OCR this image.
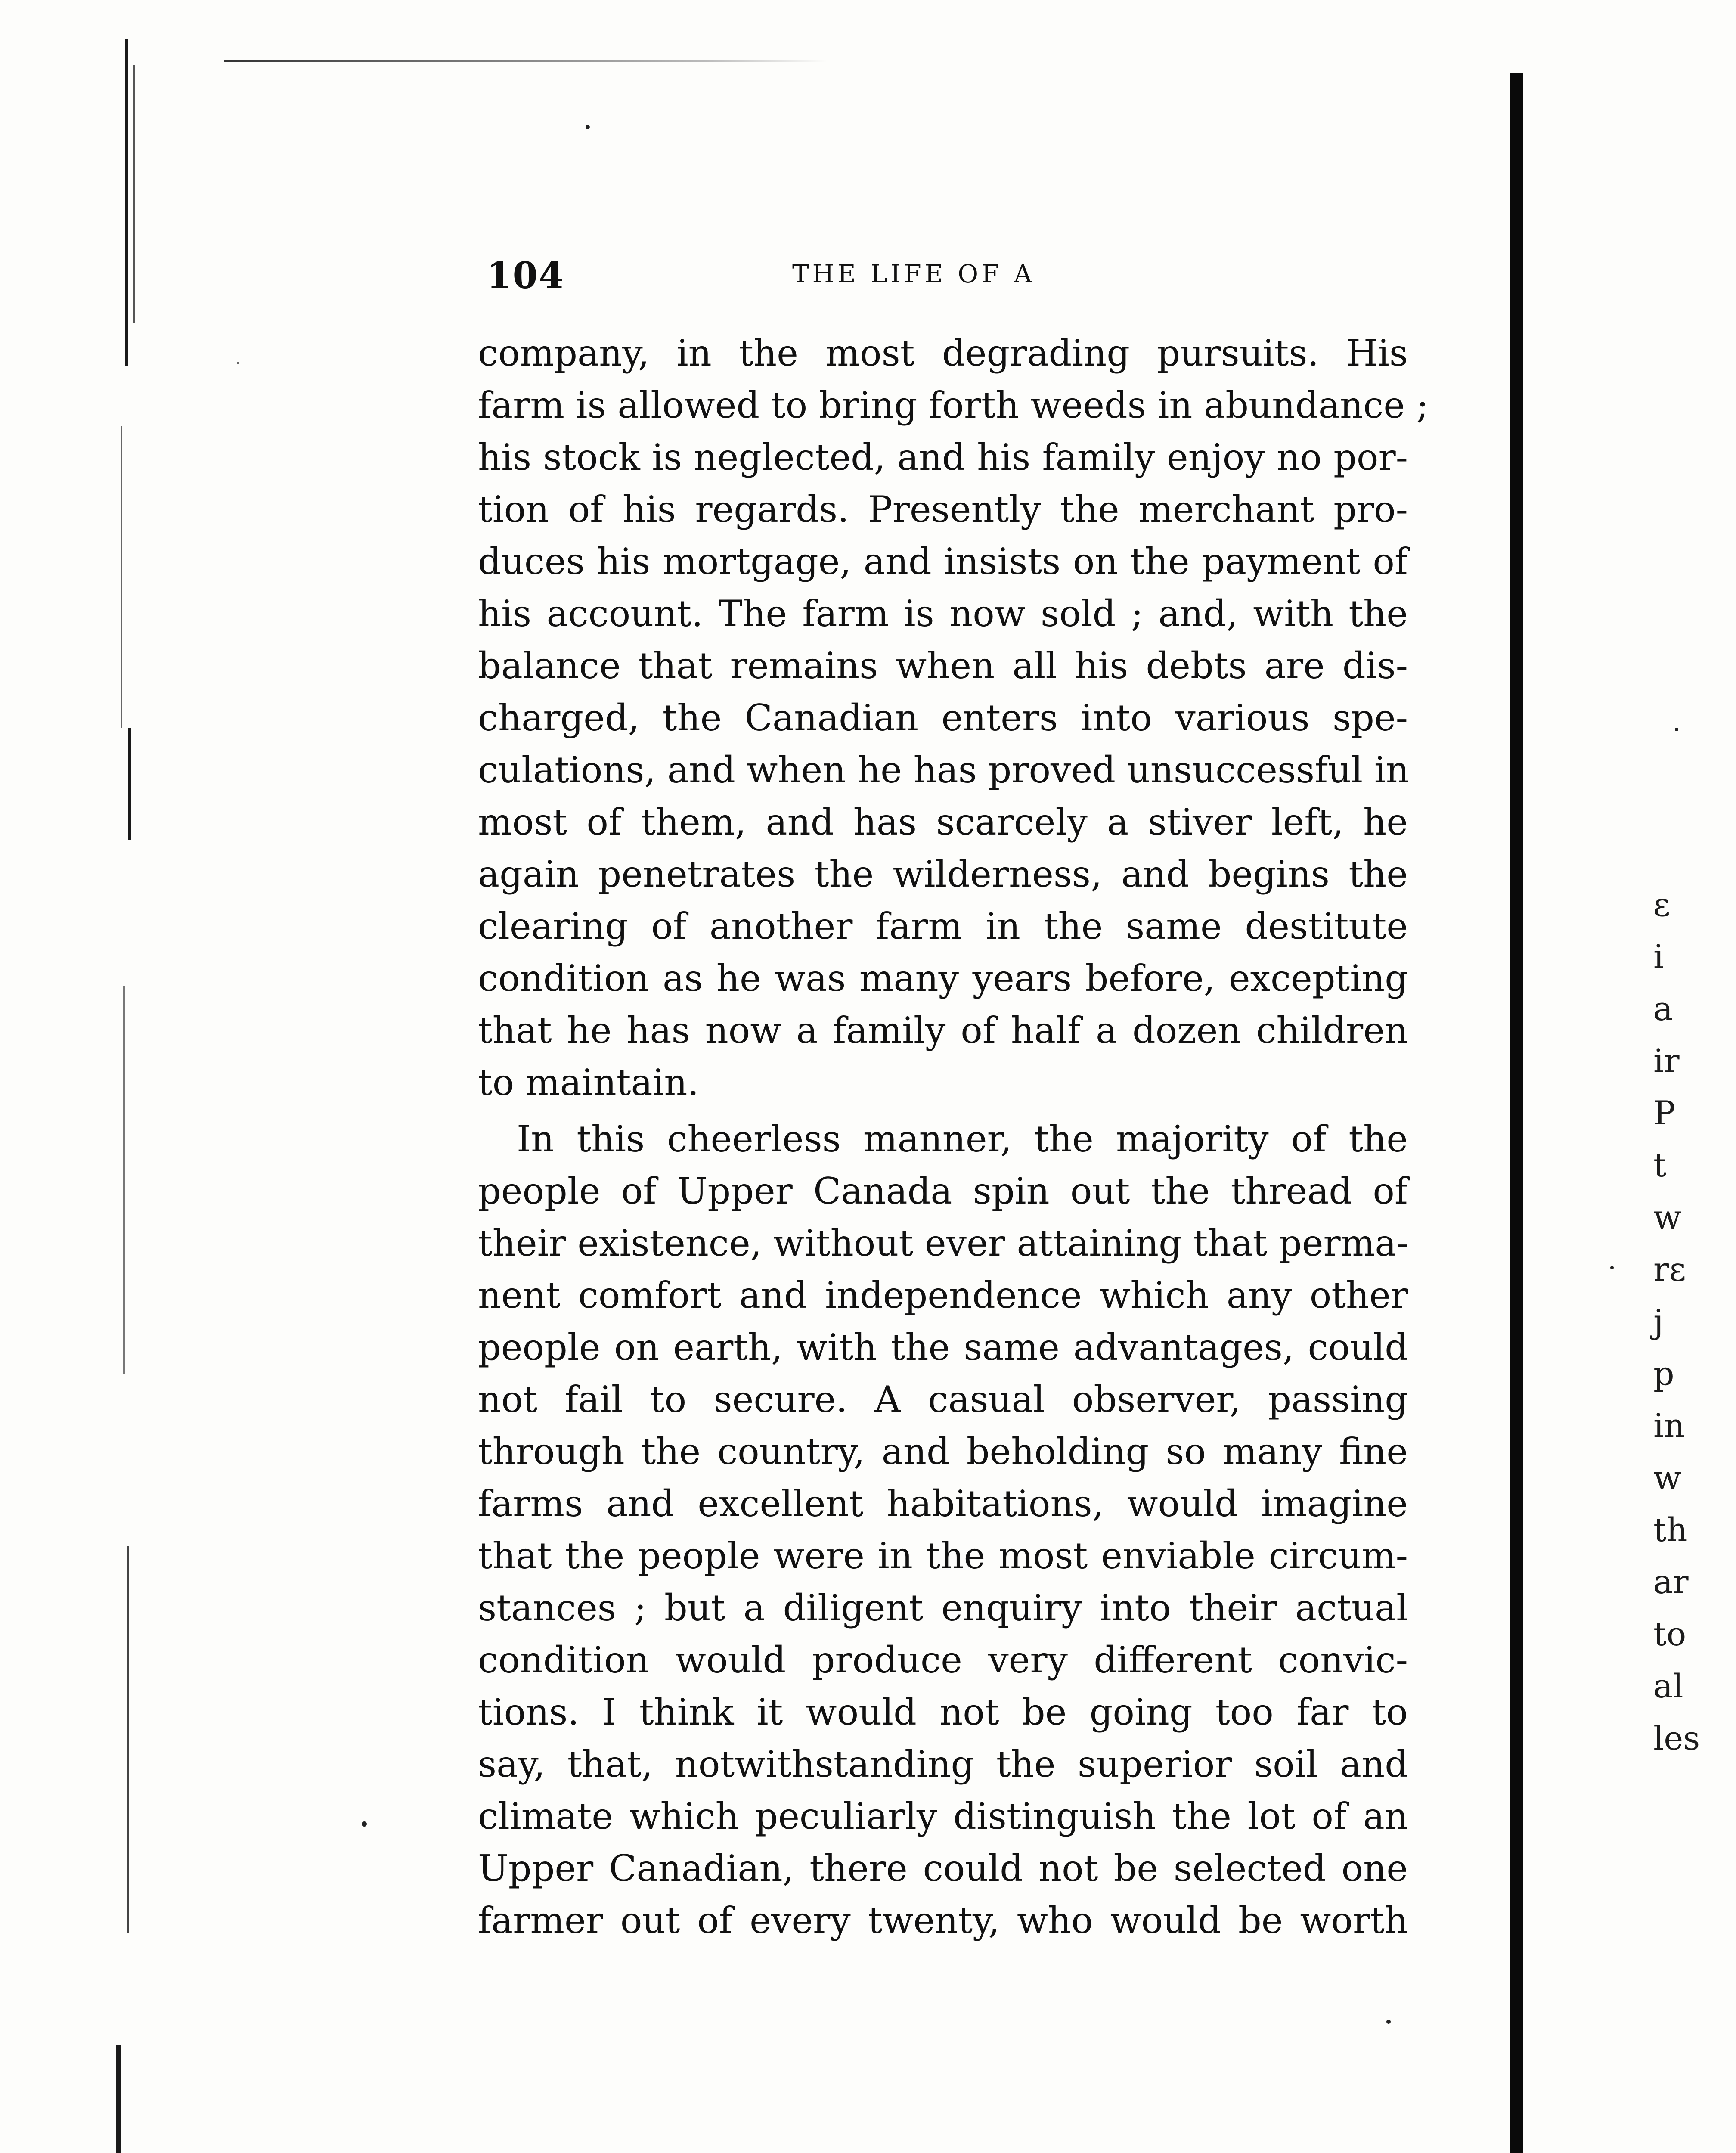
ε
i
a
ir
P
t
w
rε
j
p
in
w
th
ar
to
al
les
104	THE LIFE OF A
company, in the most degrading pursuits. His
farm is allowed to bring forth weeds in abundance ;
his stock is neglected, and his family enjoy no por-
tion of his regards. Presently the merchant pro-
duces his mortgage, and insists on the payment of
his account. The farm is now sold ; and, with the
balance that remains when all his debts are dis-
charged, the Canadian enters into various spe-
culations, and when he has proved unsuccessful in
most of them, and has scarcely a stiver left, he
again penetrates the wilderness, and begins the
clearing of another farm in the same destitute
condition as he was many years before, excepting
that he has now a family of half a dozen children
to maintain.
In this cheerless manner, the majority of the
people of Upper Canada spin out the thread of
their existence, without ever attaining that perma-
nent comfort and independence which any other
people on earth, with the same advantages, could
not fail to secure. A casual observer, passing
through the country, and beholding so many fine
farms and excellent habitations, would imagine
that the people were in the most enviable circum-
stances ; but a diligent enquiry into their actual
condition would produce very different convic-
tions. I think it would not be going too far to
say, that, notwithstanding the superior soil and
climate which peculiarly distinguish the lot of an
Upper Canadian, there could not be selected one
farmer out of every twenty, who would be worth
